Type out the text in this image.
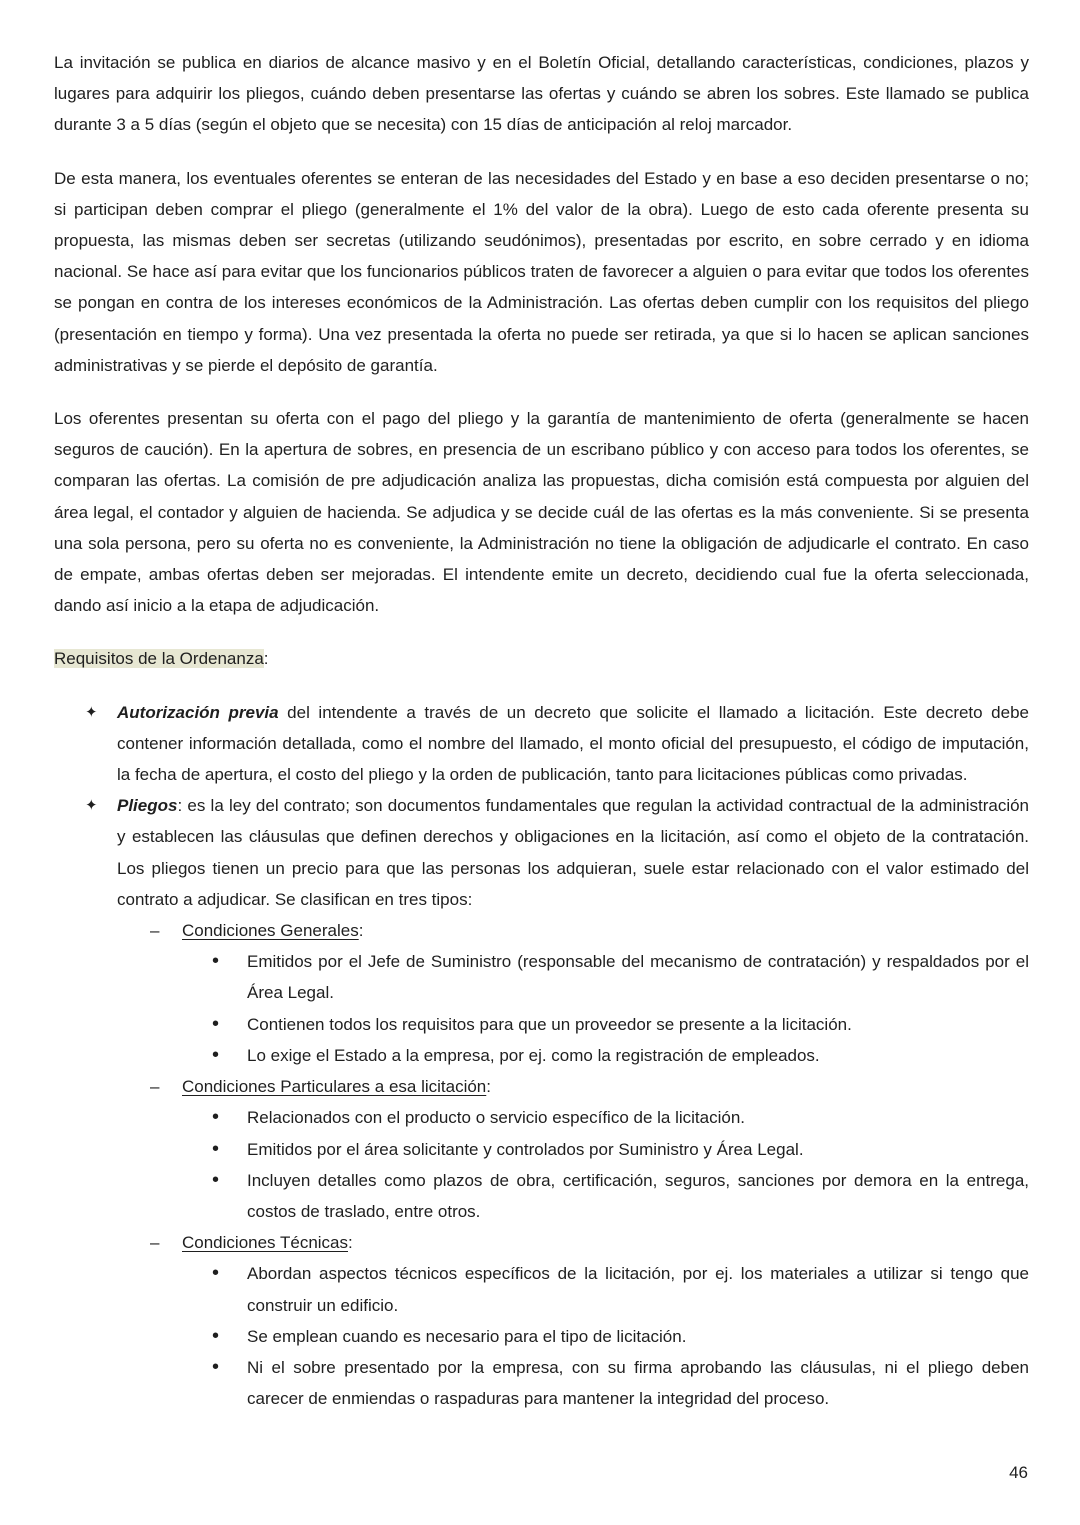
La invitación se publica en diarios de alcance masivo y en el Boletín Oficial, detallando características, condiciones, plazos y lugares para adquirir los pliegos, cuándo deben presentarse las ofertas y cuándo se abren los sobres. Este llamado se publica durante 3 a 5 días (según el objeto que se necesita) con 15 días de anticipación al reloj marcador.

De esta manera, los eventuales oferentes se enteran de las necesidades del Estado y en base a eso deciden presentarse o no; si participan deben comprar el pliego (generalmente el 1% del valor de la obra). Luego de esto cada oferente presenta su propuesta, las mismas deben ser secretas (utilizando seudónimos), presentadas por escrito, en sobre cerrado y en idioma nacional. Se hace así para evitar que los funcionarios públicos traten de favorecer a alguien o para evitar que todos los oferentes se pongan en contra de los intereses económicos de la Administración. Las ofertas deben cumplir con los requisitos del pliego (presentación en tiempo y forma). Una vez presentada la oferta no puede ser retirada, ya que si lo hacen se aplican sanciones administrativas y se pierde el depósito de garantía.

Los oferentes presentan su oferta con el pago del pliego y la garantía de mantenimiento de oferta (generalmente se hacen seguros de caución). En la apertura de sobres, en presencia de un escribano público y con acceso para todos los oferentes, se comparan las ofertas. La comisión de pre adjudicación analiza las propuestas, dicha comisión está compuesta por alguien del área legal, el contador y alguien de hacienda. Se adjudica y se decide cuál de las ofertas es la más conveniente. Si se presenta una sola persona, pero su oferta no es conveniente, la Administración no tiene la obligación de adjudicarle el contrato. En caso de empate, ambas ofertas deben ser mejoradas. El intendente emite un decreto, decidiendo cual fue la oferta seleccionada, dando así inicio a la etapa de adjudicación.

Requisitos de la Ordenanza:

✦ Autorización previa del intendente a través de un decreto que solicite el llamado a licitación. Este decreto debe contener información detallada, como el nombre del llamado, el monto oficial del presupuesto, el código de imputación, la fecha de apertura, el costo del pliego y la orden de publicación, tanto para licitaciones públicas como privadas.
✦ Pliegos: es la ley del contrato; son documentos fundamentales que regulan la actividad contractual de la administración y establecen las cláusulas que definen derechos y obligaciones en la licitación, así como el objeto de la contratación. Los pliegos tienen un precio para que las personas los adquieran, suele estar relacionado con el valor estimado del contrato a adjudicar. Se clasifican en tres tipos:
– Condiciones Generales:
• Emitidos por el Jefe de Suministro (responsable del mecanismo de contratación) y respaldados por el Área Legal.
• Contienen todos los requisitos para que un proveedor se presente a la licitación.
• Lo exige el Estado a la empresa, por ej. como la registración de empleados.
– Condiciones Particulares a esa licitación:
• Relacionados con el producto o servicio específico de la licitación.
• Emitidos por el área solicitante y controlados por Suministro y Área Legal.
• Incluyen detalles como plazos de obra, certificación, seguros, sanciones por demora en la entrega, costos de traslado, entre otros.
– Condiciones Técnicas:
• Abordan aspectos técnicos específicos de la licitación, por ej. los materiales a utilizar si tengo que construir un edificio.
• Se emplean cuando es necesario para el tipo de licitación.
• Ni el sobre presentado por la empresa, con su firma aprobando las cláusulas, ni el pliego deben carecer de enmiendas o raspaduras para mantener la integridad del proceso.
46
